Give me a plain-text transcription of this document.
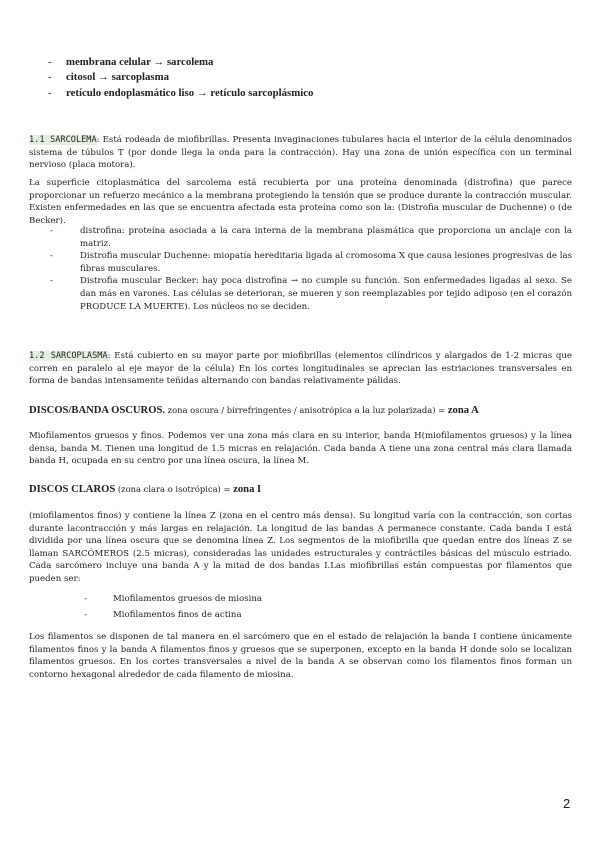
- membrana celular → sarcolema
- citosol → sarcoplasma
- retículo endoplasmático liso → retículo sarcoplásmico
1.1 SARCOLEMA: Está rodeada de miofibrillas. Presenta invaginaciones tubulares hacia el interior de la célula denominados sistema de túbulos T (por donde llega la onda para la contracción). Hay una zona de unión específica con un terminal nervioso (placa motora).
La superficie citoplasmática del sarcolema está recubierta por una proteína denominada (distrofina) que parece proporcionar un refuerzo mecánico a la membrana protegiendo la tensión que se produce durante la contracción muscular. Existen enfermedades en las que se encuentra afectada esta proteína como son la: (Distrofia muscular de Duchenne) o (de Becker).
- distrofina: proteína asociada a la cara interna de la membrana plasmática que proporciona un anclaje con la matriz.
- Distrofia muscular Duchenne: miopatía hereditaria ligada al cromosoma X que causa lesiones progresivas de las fibras musculares.
- Distrofia muscular Becker: hay poca distrofina → no cumple su función. Son enfermedades ligadas al sexo. Se dan más en varones. Las células se deterioran, se mueren y son reemplazables por tejido adiposo (en el corazón PRODUCE LA MUERTE). Los núcleos no se deciden.
1.2 SARCOPLASMA: Está cubierto en su mayor parte por miofibrillas (elementos cilíndricos y alargados de 1-2 micras que corren en paralelo al eje mayor de la célula) En los cortes longitudinales se aprecian las estriaciones transversales en forma de bandas intensamente teñidas alternando con bandas relativamente pálidas.
DISCOS/BANDA OSCUROS. zona oscura / birrefringentes / anisotrópica a la luz polarizada) = zona A
Miofilamentos gruesos y finos. Podemos ver una zona más clara en su interior, banda H(miofilamentos gruesos) y la línea densa, banda M. Tienen una longitud de 1.5 micras en relajación. Cada banda A tiene una zona central más clara llamada banda H, ocupada en su centro por una línea oscura, la línea M.
DISCOS CLAROS (zona clara o isotrópica) = zona I
(miofilamentos finos) y contiene la línea Z (zona en el centro más densa). Su longitud varía con la contracción, son cortas durante lacontracción y más largas en relajación. La longitud de las bandas A permanece constante. Cada banda I está dividida por una línea oscura que se denomina línea Z. Los segmentos de la miofibrilla que quedan entre dos líneas Z se llaman SARCÓMEROS (2.5 micras), consideradas las unidades estructurales y contráctiles básicas del músculo estriado. Cada sarcómero incluye una banda A y la mitad de dos bandas I.Las miofibrillas están compuestas por filamentos que pueden ser:
- Miofilamentos gruesos de miosina
- Miofilamentos finos de actina
Los filamentos se disponen de tal manera en el sarcómero que en el estado de relajación la banda I contiene únicamente filamentos finos y la banda A filamentos finos y gruesos que se superponen, excepto en la banda H donde solo se localizan filamentos gruesos. En los cortes transversales a nivel de la banda A se observan como los filamentos finos forman un contorno hexagonal alrededor de cada filamento de miosina.
2
